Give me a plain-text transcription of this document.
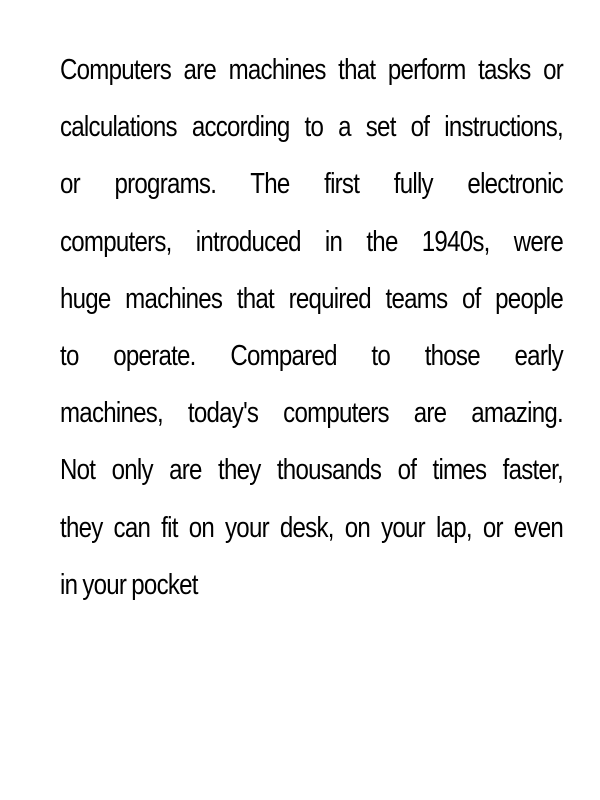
Computers are machines that perform tasks or
calculations according to a set of instructions,
or programs. The first fully electronic
computers, introduced in the 1940s, were
huge machines that required teams of people
to operate. Compared to those early
machines, today's computers are amazing.
Not only are they thousands of times faster,
they can fit on your desk, on your lap, or even
in your pocket
